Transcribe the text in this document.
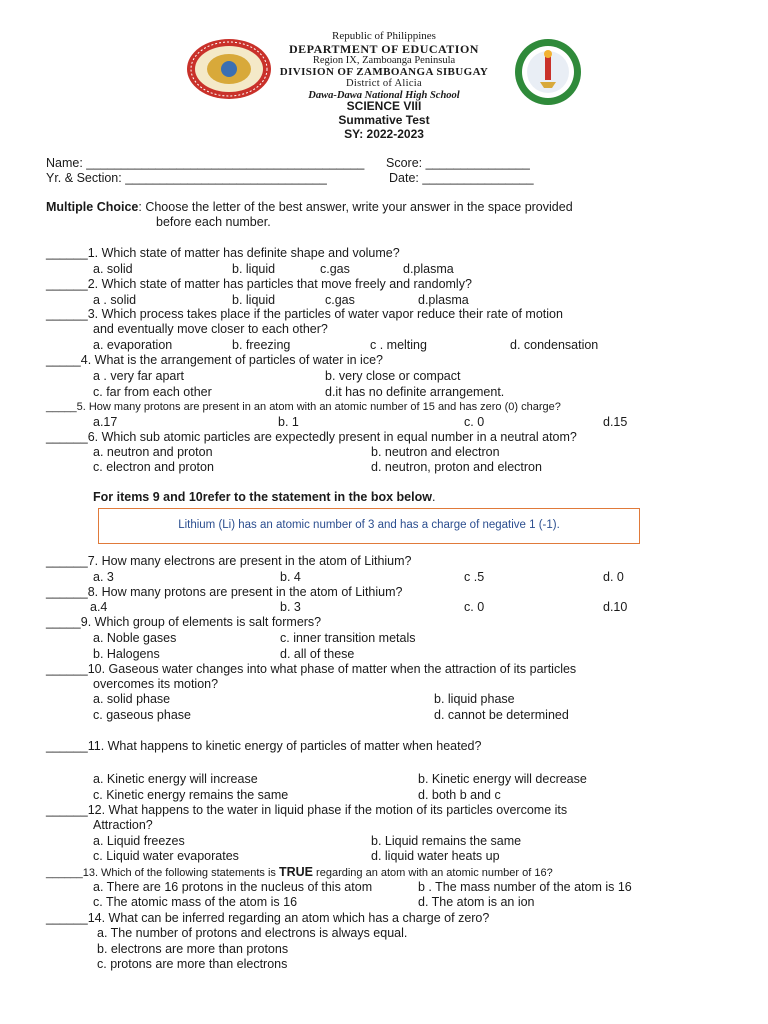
Republic of Philippines
DEPARTMENT OF EDUCATION
Region IX, Zamboanga Peninsula
DIVISION OF ZAMBOANGA SIBUGAY
District of Alicia
Dawa-Dawa National High School
SCIENCE VIII
Summative Test
SY: 2022-2023
Name: ________________________________________ Score: _______________
Yr. & Section: _____________________________	Date: ________________
Multiple Choice: Choose the letter of the best answer, write your answer in the space provided
before each number.
______1. Which state of matter has definite shape and volume?
a. solid	b. liquid	c.gas	d.plasma
______2. Which state of matter has particles that move freely and randomly?
a . solid	b. liquid	c.gas	d.plasma
______3. Which process takes place if the particles of water vapor reduce their rate of motion
and eventually move closer to each other?
a. evaporation	b. freezing	c . melting	d. condensation
_____4. What is the arrangement of particles of water in ice?
a . very far apart	b. very close or compact
c. far from each other	d.it has no definite arrangement.
_____5. How many protons are present in an atom with an atomic number of 15 and has zero (0) charge?
a.17	b. 1	c. 0	d.15
______6. Which sub atomic particles are expectedly present in equal number in a neutral atom?
a. neutron and proton	b. neutron and electron
c. electron and proton	d. neutron, proton and electron
For items 9 and 10refer to the statement in the box below.
Lithium (Li) has an atomic number of 3 and has a charge of negative 1 (-1).
______7. How many electrons are present in the atom of Lithium?
a. 3	b. 4	c .5	d. 0
______8. How many protons are present in the atom of Lithium?
a.4	b. 3	c. 0	d.10
_____9. Which group of elements is salt formers?
a. Noble gases	c. inner transition metals
b. Halogens	d. all of these
______10. Gaseous water changes into what phase of matter when the attraction of its particles
overcomes its motion?
a. solid phase	b. liquid phase
c. gaseous phase	d. cannot be determined
______11. What happens to kinetic energy of particles of matter when heated?
a. Kinetic energy will increase	b. Kinetic energy will decrease
c. Kinetic energy remains the same	d. both b and c
______12. What happens to the water in liquid phase if the motion of its particles overcome its
Attraction?
a. Liquid freezes	b. Liquid remains the same
c. Liquid water evaporates	d. liquid water heats up
______13. Which of the following statements is TRUE regarding an atom with an atomic number of 16?
a. There are 16 protons in the nucleus of this atom	b . The mass number of the atom is 16
c. The atomic mass of the atom is 16	d. The atom is an ion
______14. What can be inferred regarding an atom which has a charge of zero?
a. The number of protons and electrons is always equal.
b. electrons are more than protons
c. protons are more than electrons
